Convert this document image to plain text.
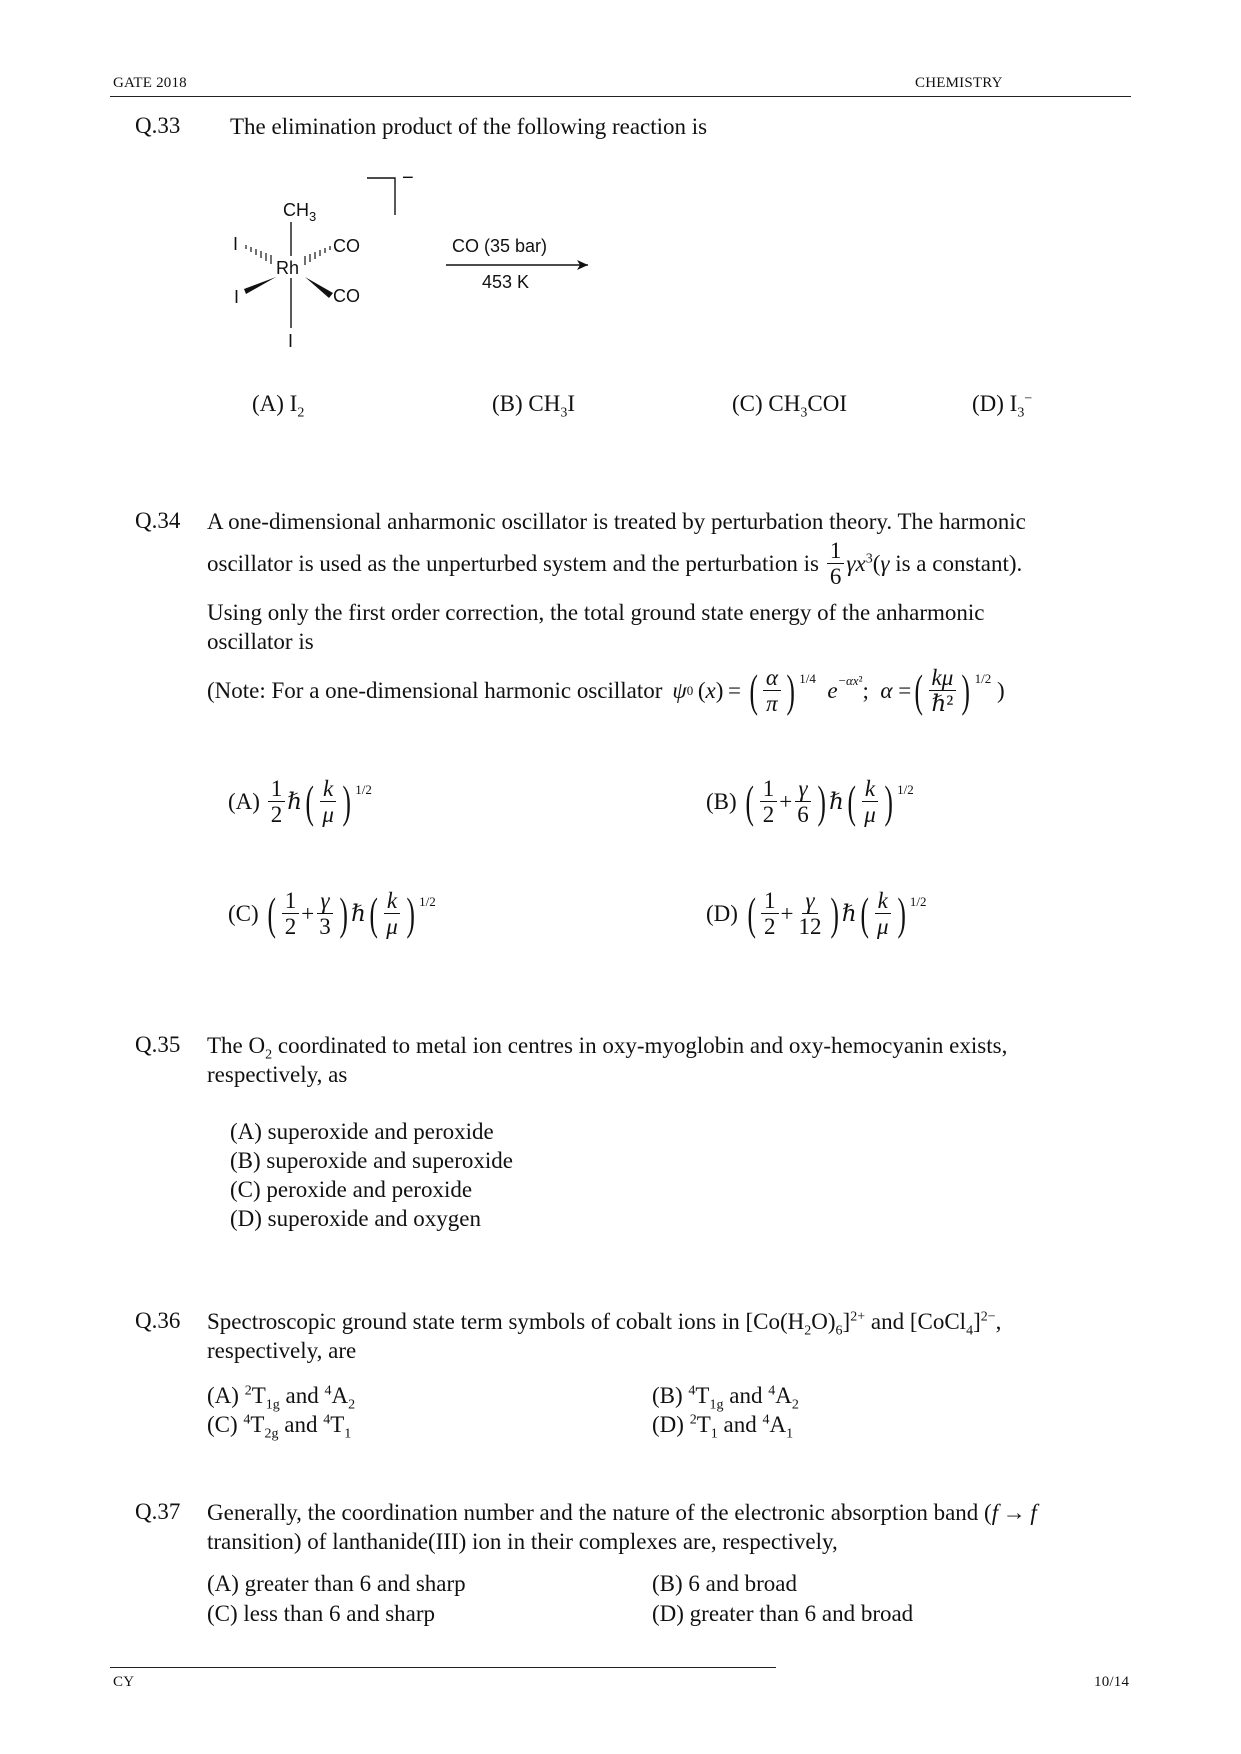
GATE 2018	CHEMISTRY
Q.33 The elimination product of the following reaction is
$CH_3$
Rh
CO
CO
I
I
I
CO (35 bar)
453 K
−
(A) $I_2$	(B) $CH_3I$	(C) $CH_3COI$	(D) $I_3^-$
Q.34 A one-dimensional anharmonic oscillator is treated by perturbation theory. The harmonic
oscillator is used as the unperturbed system and the perturbation is $\frac{1}{6} \gamma x^3(\gamma$ is a constant).
Using only the first order correction, the total ground state energy of the anharmonic
oscillator is
(Note: For a one-dimensional harmonic oscillator ψ 0  ( x ) =  ( $\frac{\alpha}{\pi}$ ) 1/4
e −αx² ; α = ( $\frac{k\mu}{\text{ℏ²}}$ ) 1/2 )
(A)
$\frac{1}{2}$ ℏ ( $\frac{k}{\mu}$ ) 1/2	(B)
( $\frac{1}{2} + \frac{\gamma}{6}$ ) ℏ ( $\frac{k}{\mu}$ ) 1/2
(C)
( $\frac{1}{2} + \frac{\gamma}{3}$ ) ℏ ( $\frac{k}{\mu}$ ) 1/2	(D)
( $\frac{1}{2} + \frac{\gamma}{12}$ ) ℏ ( $\frac{k}{\mu}$ ) 1/2
Q.35 The $O_2$ coordinated to metal ion centres in oxy-myoglobin and oxy-hemocyanin exists,
respectively, as
(A) superoxide and peroxide
(B) superoxide and superoxide
(C) peroxide and peroxide
(D) superoxide and oxygen
Q.36 Spectroscopic ground state term symbols of cobalt ions in $[Co(H_2O)_6]^{2+}$ and [CoCl$_4$]$^{2-}$,
respectively, are
(A) $^2T_{1g}$ and $^4A_2$	(B) $^4T_{1g}$ and $^4A_2$
(C) $^4T_{2g}$ and $^4T_1$	(D) $^2T_1$ and $^4A_1$
Q.37 Generally, the coordination number and the nature of the electronic absorption band (f → f
transition) of lanthanide(III) ion in their complexes are, respectively,
(A) greater than 6 and sharp	(B) 6 and broad
(C) less than 6 and sharp	(D) greater than 6 and broad
CY	10/14
